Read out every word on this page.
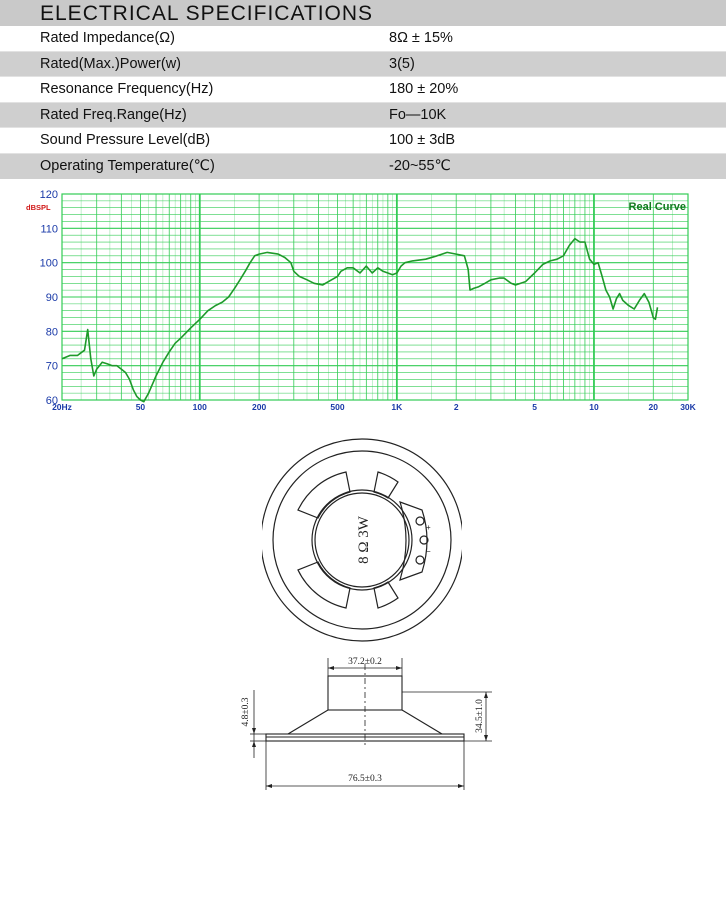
ELECTRICAL SPECIFICATIONS
Rated Impedance(Ω)	8Ω ± 15%
Rated(Max.)Power(w)	3(5)
Resonance Frequency(Hz)	180 ± 20%
Rated Freq.Range(Hz)	Fo—10K
Sound Pressure Level(dB)	100 ± 3dB
Operating Temperature(℃)	-20~55℃
60
70
80
90
100
110
120
dBSPL
20Hz	50	100	200	500	1K	2	5	10	20	30K
Real Curve
+
−
8 Ω 3W
37.2±0.2
4.8±0.3	34.5±1.0
76.5±0.3
